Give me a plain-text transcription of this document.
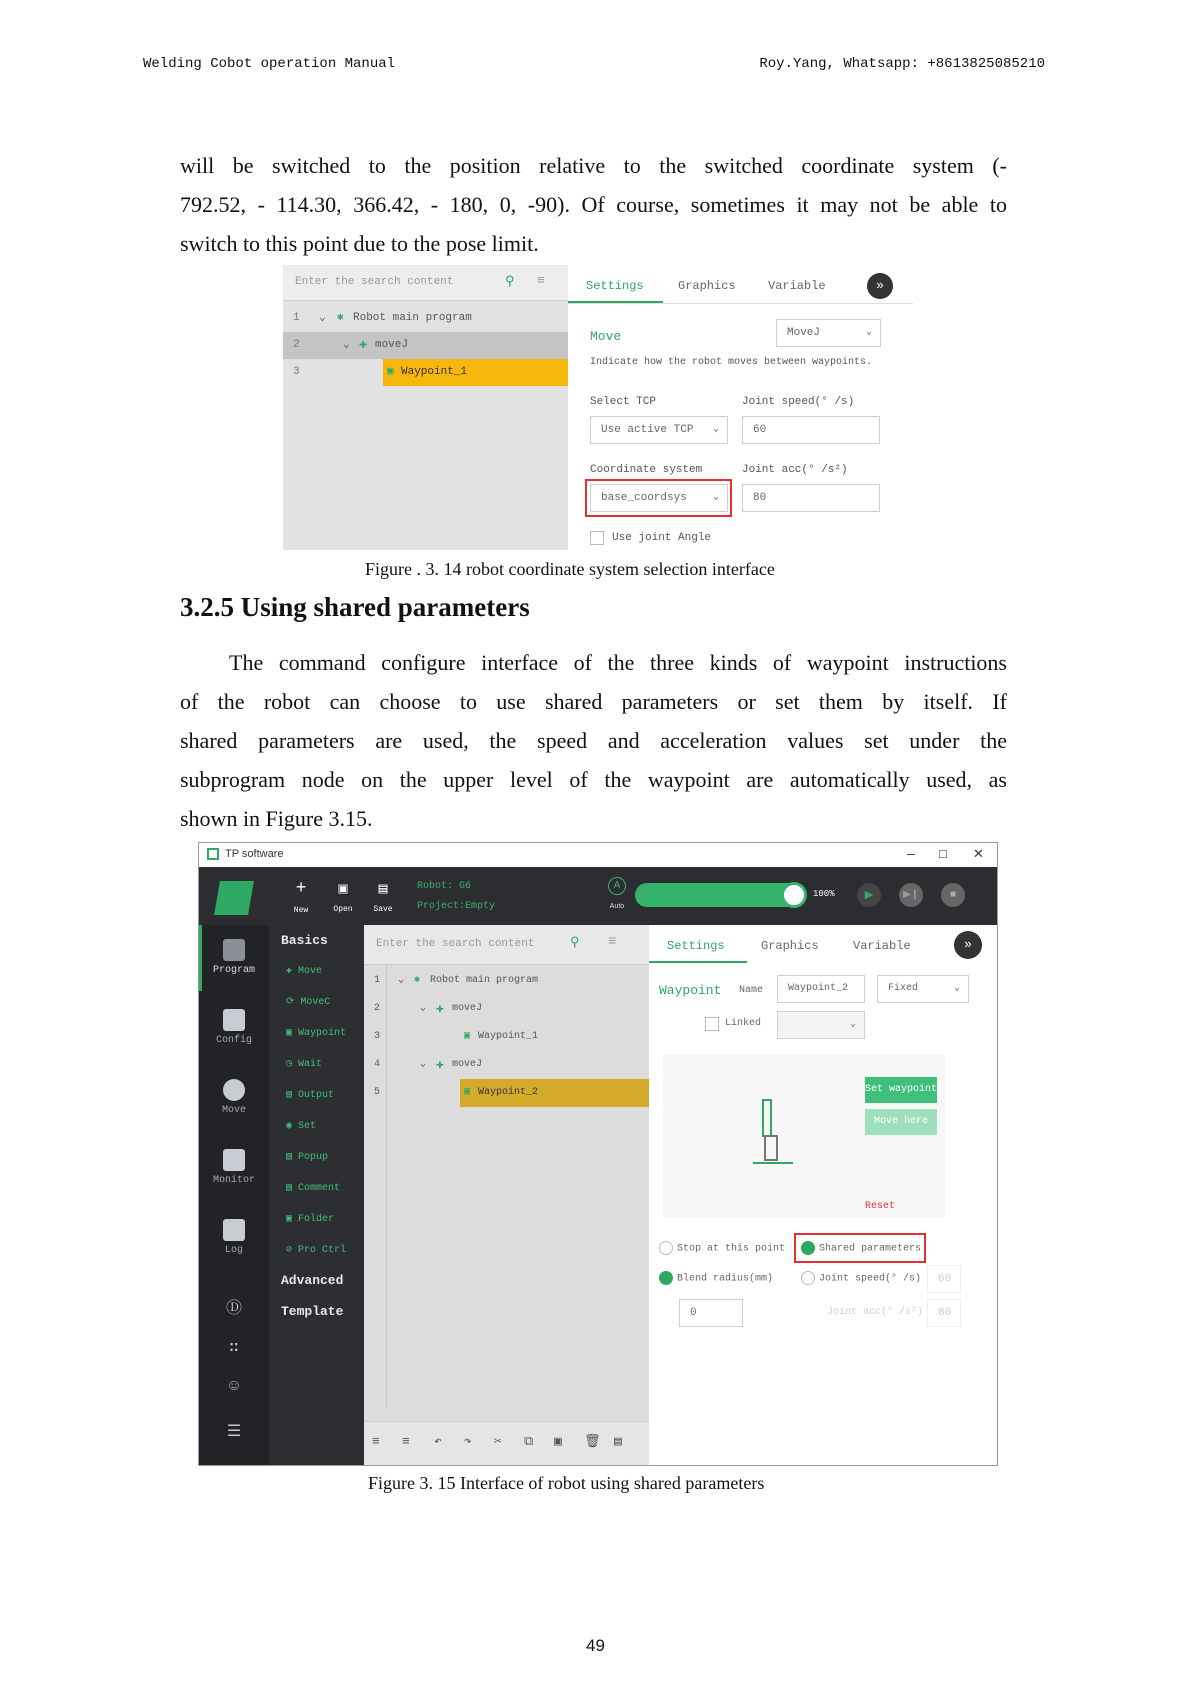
Welding Cobot operation Manual	Roy.Yang, Whatsapp: +8613825085210
will be switched to the position relative to the switched coordinate system (-
792.52, - 114.30, 366.42, - 180, 0, -90). Of course, sometimes it may not be able to
switch to this point due to the pose limit.
Enter the search content	⚲ ≡
1 ⌄ ✱ Robot main program
2	⌄ ✚ moveJ
3	▣ Waypoint_1
Settings	Graphics	Variable	»
Move	MoveJ	⌄
Indicate how the robot moves between waypoints.
Select TCP	Joint speed(° /s)
Use active TCP ⌄	60
Coordinate system	Joint acc(° /s²)
base_coordsys	⌄	80
Use joint Angle
Figure . 3. 14 robot coordinate system selection interface
3.2.5 Using shared parameters
The command configure interface of the three kinds of waypoint instructions
of the robot can choose to use shared parameters or set them by itself. If
shared parameters are used, the speed and acceleration values set under the
subprogram node on the upper level of the waypoint are automatically used, as
shown in Figure 3.15.
TP software	– □ ✕
+
New
▣
Open
▤
Save
Robot: G6
Project:Empty
A
Auto
100%	▶	▶❙	■
Program
Config
Move
Monitor
Log
Ⓓ
∷
☺
☰
Basics
✚ Move
⟳ MoveC
▣ Waypoint
◷ Wait
▤ Output
◉ Set
▤ Popup
▤ Comment
▣ Folder
⊘ Pro Ctrl
Advanced
Template
Enter the search content	⚲ ≡
1 ⌄ ✱ Robot main program
2	⌄ ✚ moveJ
3	▣ Waypoint_1
4	⌄ ✚ moveJ
5	▣ Waypoint_2
≡ ≡ ↶ ↷ ✂ ⧉ ▣ 🗑 ▤
Settings	Graphics	Variable	»
Waypoint Name	Waypoint_2	Fixed	⌄
Linked	⌄
Set waypoint
Move here
Reset
Stop at this point	Shared parameters
Blend radius(mm)	Joint speed(° /s)	60
0	Joint acc(° /s²)	80
Figure 3. 15 Interface of robot using shared parameters
49
